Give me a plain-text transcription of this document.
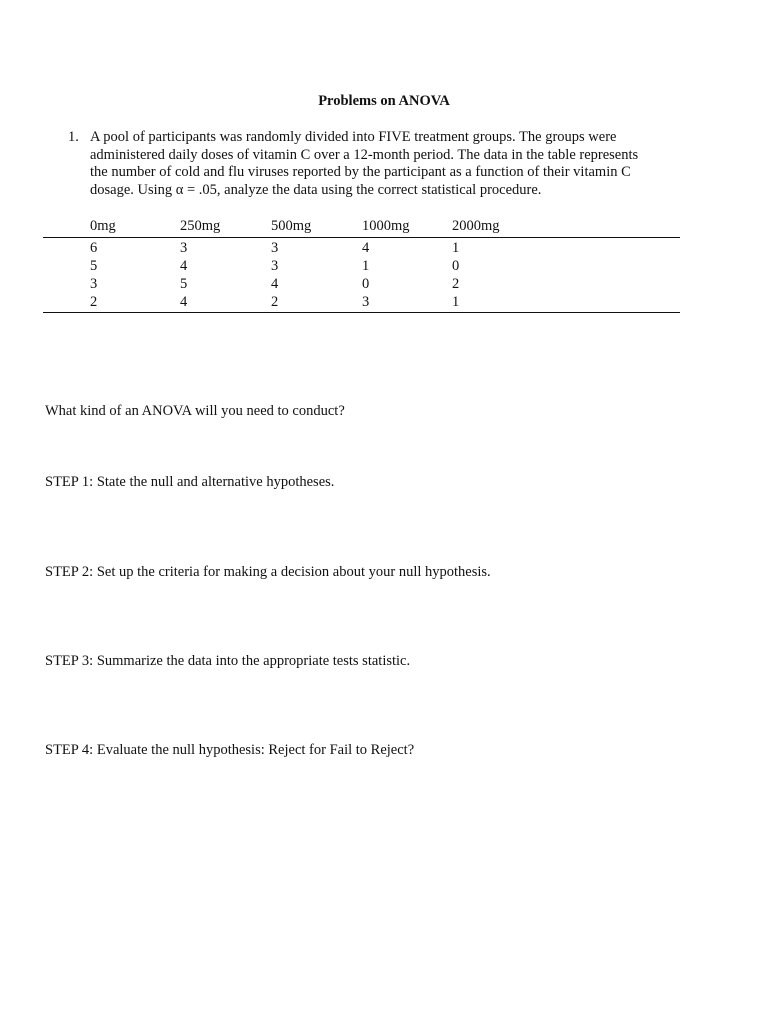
Problems on ANOVA
1. A pool of participants was randomly divided into FIVE treatment groups. The groups were
administered daily doses of vitamin C over a 12-month period. The data in the table represents
the number of cold and flu viruses reported by the participant as a function of their vitamin C
dosage. Using α = .05, analyze the data using the correct statistical procedure.
0mg	250mg	500mg	1000mg	2000mg
6	3	3	4	1
5	4	3	1	0
3	5	4	0	2
2	4	2	3	1
What kind of an ANOVA will you need to conduct?
STEP 1: State the null and alternative hypotheses.
STEP 2: Set up the criteria for making a decision about your null hypothesis.
STEP 3: Summarize the data into the appropriate tests statistic.
STEP 4: Evaluate the null hypothesis: Reject for Fail to Reject?
